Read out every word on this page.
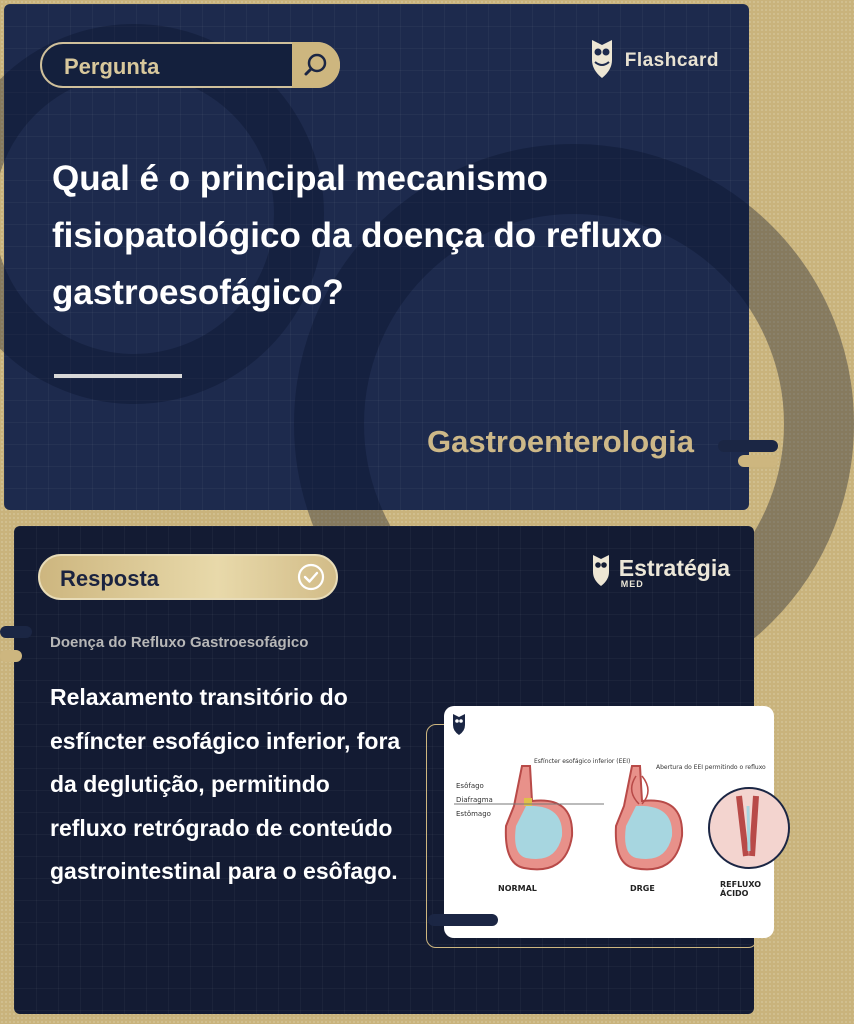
Pergunta	Flashcard
Qual é o principal mecanismo fisiopatológico da doença do refluxo gastroesofágico?
Gastroenterologia
Resposta	Estratégia
MED
Doença do Refluxo Gastroesofágico
Relaxamento transitório do esfíncter esofágico inferior, fora da deglutição, permitindo refluxo retrógrado de conteúdo gastrointestinal para o esôfago.
Esôfago
Diafragma
Estômago
Esfíncter esofágico inferior (EEI)
Abertura do EEI permitindo o refluxo
NORMAL	DRGE	REFLUXO ÁCIDO
